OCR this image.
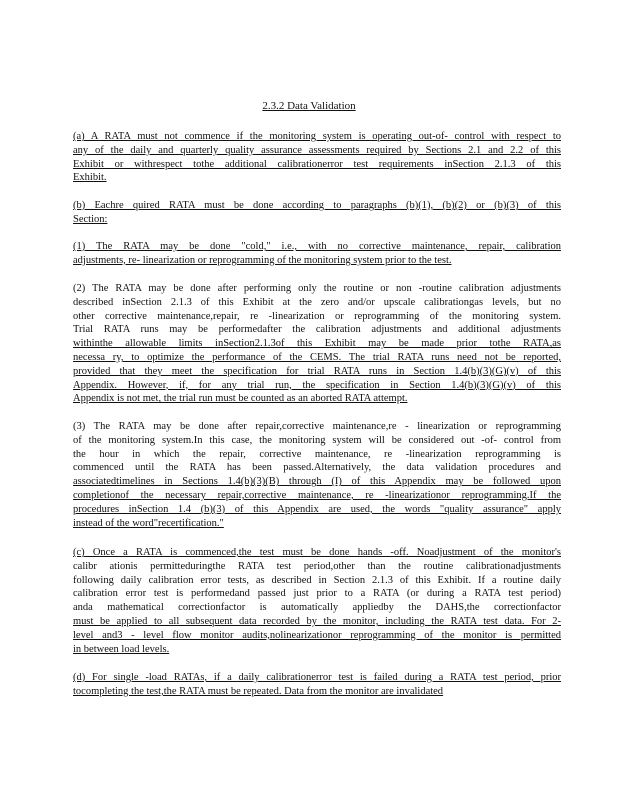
2.3.2 Data Validation
(a) A RATA must not commence if the monitoring system is operating out-of- control with respect to
any of the daily and quarterly quality assurance assessments required by Sections 2.1 and 2.2 of this
Exhibit or withrespect tothe additional calibrationerror test requirements inSection 2.1.3 of this
Exhibit.
(b) Eachre quired RATA must be done according to paragraphs (b)(1), (b)(2) or (b)(3) of this
Section:
(1) The RATA may be done "cold," i.e., with no corrective maintenance, repair, calibration
adjustments, re- linearization or reprogramming of the monitoring system prior to the test.
(2) The RATA may be done after performing only the routine or non -routine calibration adjustments
described inSection 2.1.3 of this Exhibit at the zero and/or upscale calibrationgas levels, but no
other corrective maintenance,repair, re -linearization or reprogramming of the monitoring system.
Trial RATA runs may be performedafter the calibration adjustments and additional adjustments
withinthe allowable limits inSection2.1.3of this Exhibit may be made prior tothe RATA,as
necessa ry, to optimize the performance of the CEMS. The trial RATA runs need not be reported,
provided that they meet the specification for trial RATA runs in Section 1.4(b)(3)(G)(v) of this
Appendix. However, if, for any trial run, the specification in Section 1.4(b)(3)(G)(v) of this
Appendix is not met, the trial run must be counted as an aborted RATA attempt.
(3) The RATA may be done after repair,corrective maintenance,re - linearization or reprogramming
of the monitoring system.In this case, the monitoring system will be considered out -of- control from
the hour in which the repair, corrective maintenance, re -linearization reprogramming is
commenced until the RATA has been passed.Alternatively, the data validation procedures and
associatedtimelines in Sections 1.4(b)(3)(B) through (I) of this Appendix may be followed upon
completionof the necessary repair,corrective maintenance, re -linearizationor reprogramming.If the
procedures inSection 1.4 (b)(3) of this Appendix are used, the words "quality assurance" apply
instead of the word"recertification."
(c) Once a RATA is commenced,the test must be done hands -off. Noadjustment of the monitor's
calibr ationis permitteduringthe RATA test period,other than the routine calibrationadjustments
following daily calibration error tests, as described in Section 2.1.3 of this Exhibit. If a routine daily
calibration error test is performedand passed just prior to a RATA (or during a RATA test period)
anda mathematical correctionfactor is automatically appliedby the DAHS,the correctionfactor
must be applied to all subsequent data recorded by the monitor, including the RATA test data. For 2-
level and3 - level flow monitor audits,nolinearizationor reprogramming of the monitor is permitted
in between load levels.
(d) For single -load RATAs, if a daily calibrationerror test is failed during a RATA test period, prior
tocompleting the test,the RATA must be repeated. Data from the monitor are invalidated
